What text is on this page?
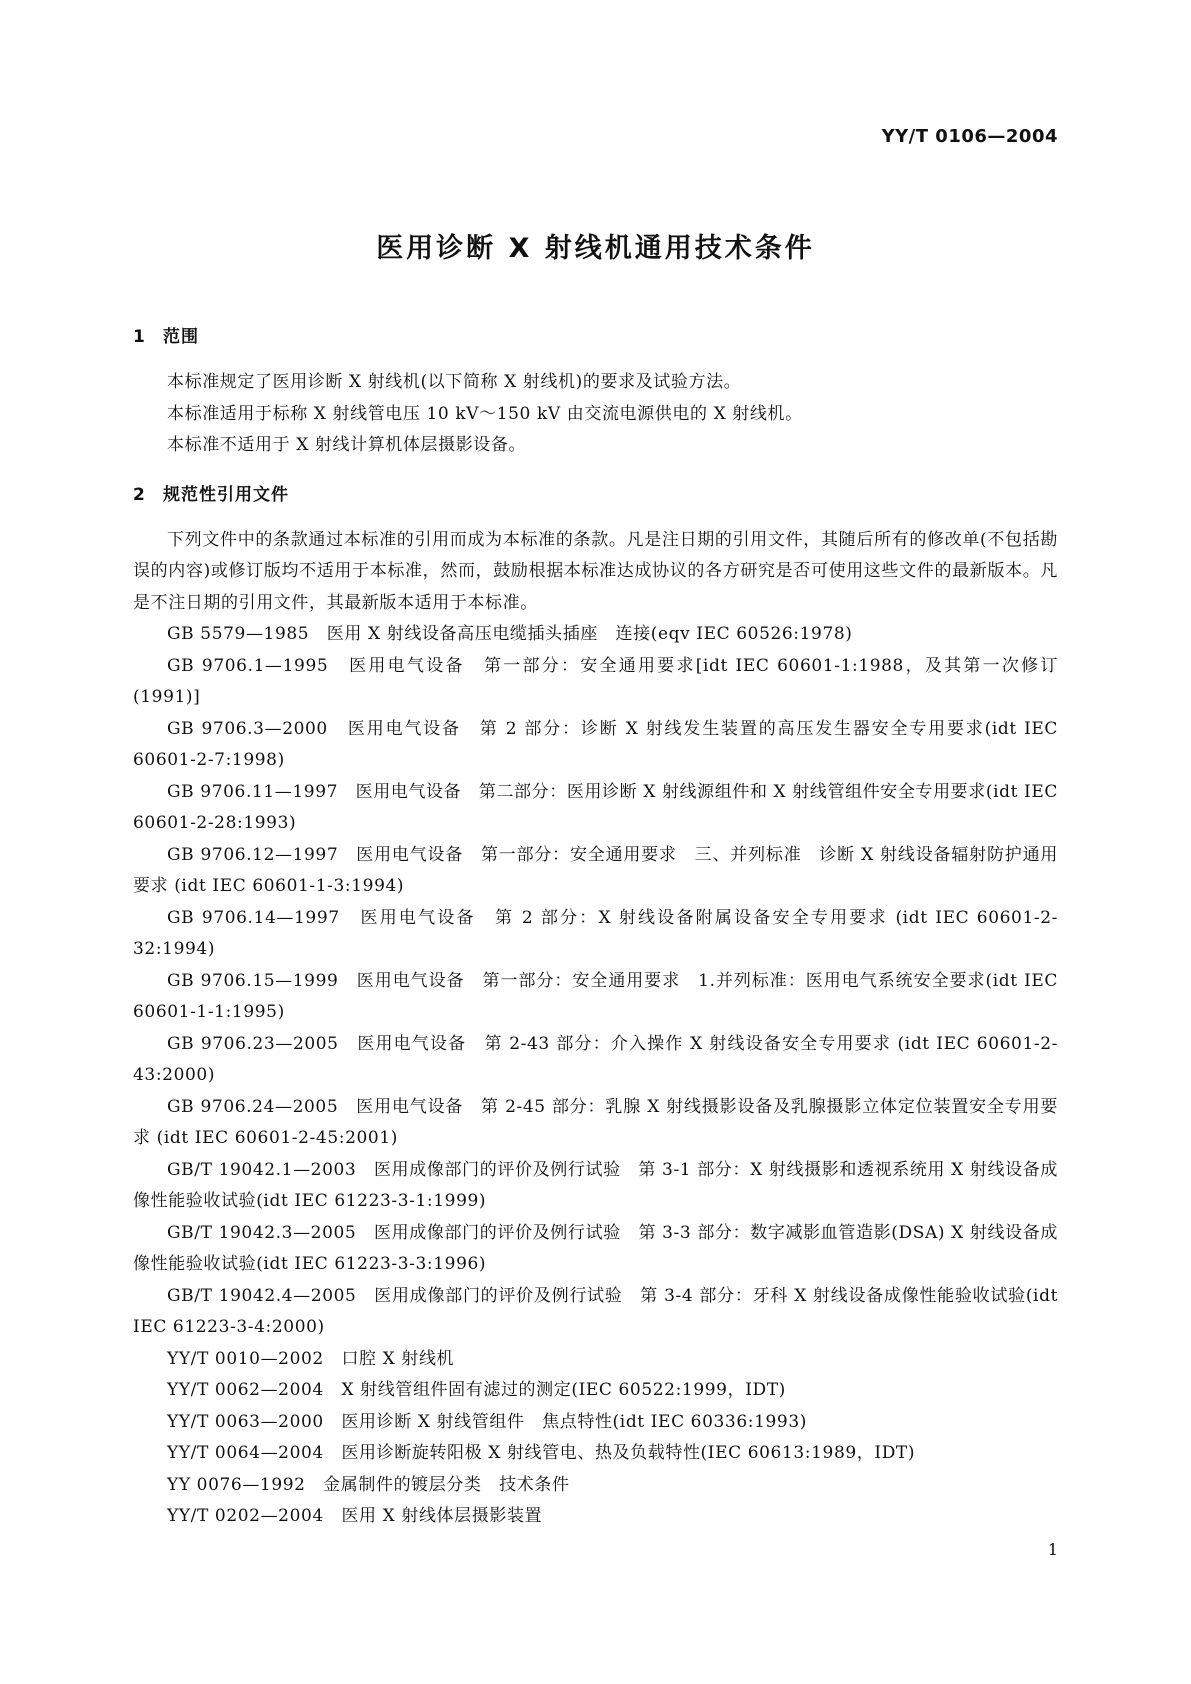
YY/T 0106—2004
医用诊断 X 射线机通用技术条件

1 范围

本标准规定了医用诊断 X 射线机(以下简称 X 射线机)的要求及试验方法。

本标准适用于标称 X 射线管电压 10 kV～150 kV 由交流电源供电的 X 射线机。

本标准不适用于 X 射线计算机体层摄影设备。

2 规范性引用文件

下列文件中的条款通过本标准的引用而成为本标准的条款。凡是注日期的引用文件，其随后所有的修改单(不包括勘误的内容)或修订版均不适用于本标准，然而，鼓励根据本标准达成协议的各方研究是否可使用这些文件的最新版本。凡是不注日期的引用文件，其最新版本适用于本标准。

GB 5579—1985　医用 X 射线设备高压电缆插头插座　连接(eqv IEC 60526:1978)

GB 9706.1—1995　医用电气设备　第一部分：安全通用要求[idt IEC 60601-1:1988，及其第一次修订(1991)]

GB 9706.3—2000　医用电气设备　第 2 部分：诊断 X 射线发生装置的高压发生器安全专用要求(idt IEC 60601-2-7:1998)

GB 9706.11—1997　医用电气设备　第二部分：医用诊断 X 射线源组件和 X 射线管组件安全专用要求(idt IEC 60601-2-28:1993)

GB 9706.12—1997　医用电气设备　第一部分：安全通用要求　三、并列标准　诊断 X 射线设备辐射防护通用要求 (idt IEC 60601-1-3:1994)

GB 9706.14—1997　医用电气设备　第 2 部分：X 射线设备附属设备安全专用要求 (idt IEC 60601-2-32:1994)

GB 9706.15—1999　医用电气设备　第一部分：安全通用要求　1.并列标准：医用电气系统安全要求(idt IEC 60601-1-1:1995)

GB 9706.23—2005　医用电气设备　第 2-43 部分：介入操作 X 射线设备安全专用要求 (idt IEC 60601-2-43:2000)

GB 9706.24—2005　医用电气设备　第 2-45 部分：乳腺 X 射线摄影设备及乳腺摄影立体定位装置安全专用要求 (idt IEC 60601-2-45:2001)

GB/T 19042.1—2003　医用成像部门的评价及例行试验　第 3-1 部分：X 射线摄影和透视系统用 X 射线设备成像性能验收试验(idt IEC 61223-3-1:1999)

GB/T 19042.3—2005　医用成像部门的评价及例行试验　第 3-3 部分：数字减影血管造影(DSA) X 射线设备成像性能验收试验(idt IEC 61223-3-3:1996)

GB/T 19042.4—2005　医用成像部门的评价及例行试验　第 3-4 部分：牙科 X 射线设备成像性能验收试验(idt IEC 61223-3-4:2000)

YY/T 0010—2002　口腔 X 射线机

YY/T 0062—2004　X 射线管组件固有滤过的测定(IEC 60522:1999，IDT)

YY/T 0063—2000　医用诊断 X 射线管组件　焦点特性(idt IEC 60336:1993)

YY/T 0064—2004　医用诊断旋转阳极 X 射线管电、热及负载特性(IEC 60613:1989，IDT)

YY 0076—1992　金属制件的镀层分类　技术条件

YY/T 0202—2004　医用 X 射线体层摄影装置

1
